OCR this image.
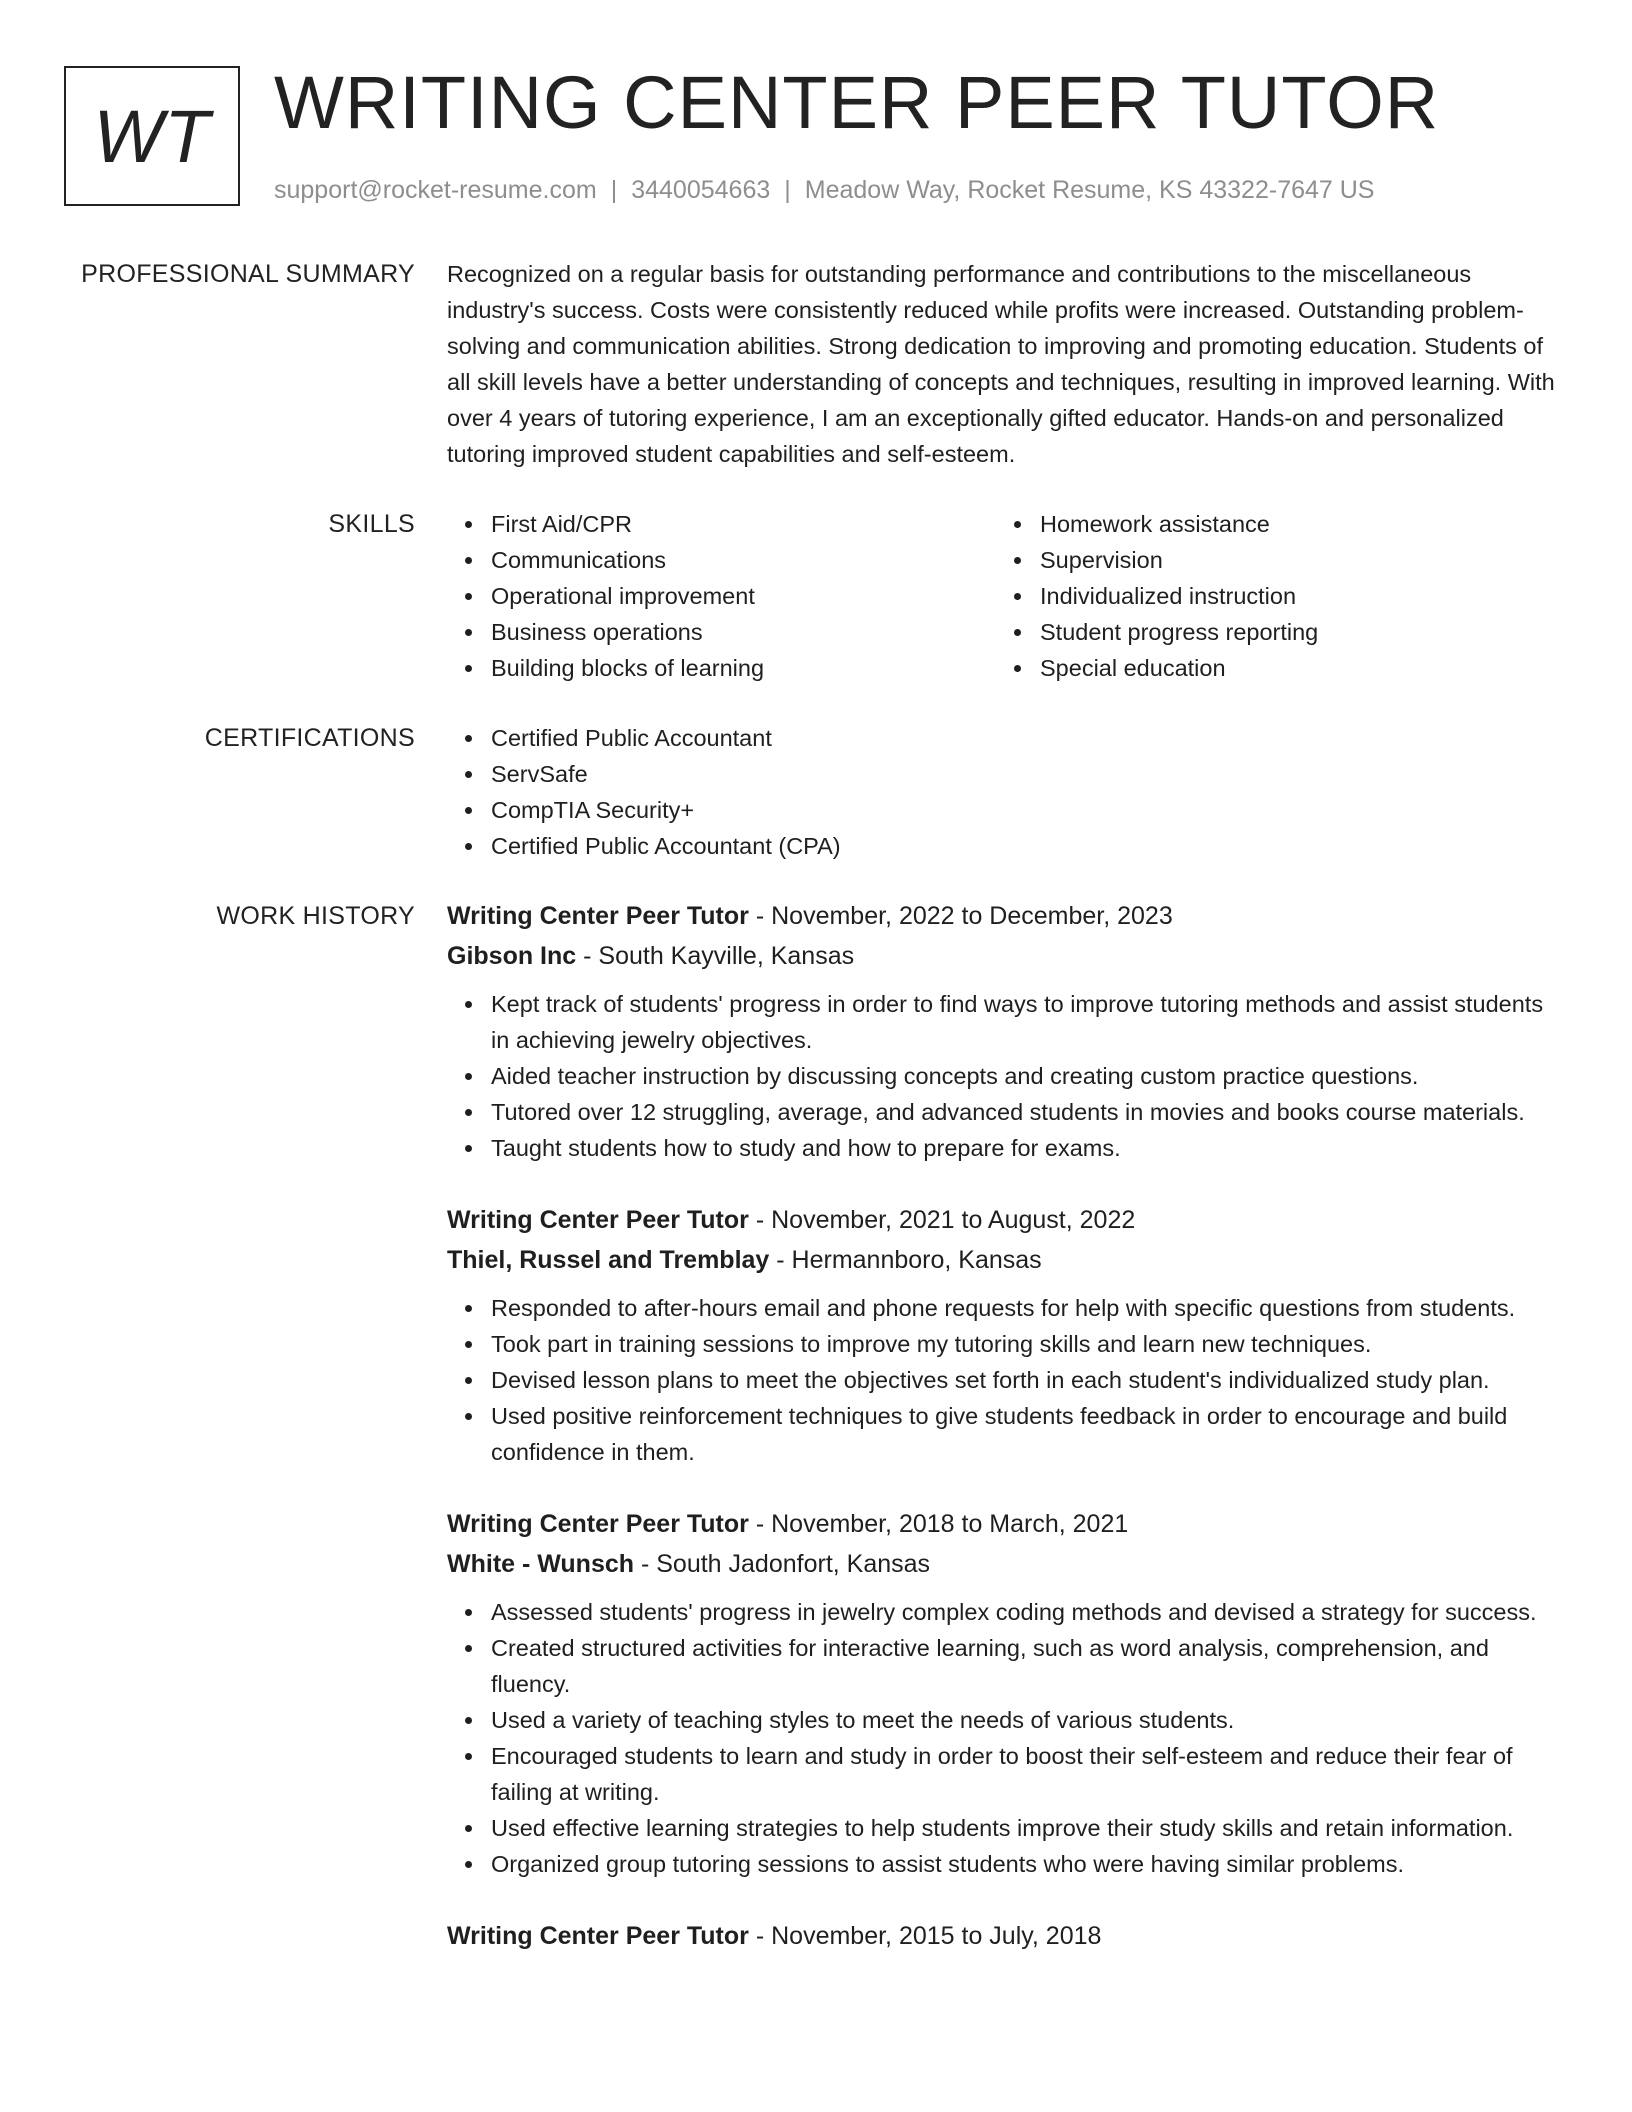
WT WRITING CENTER PEER TUTOR
support@rocket-resume.com | 3440054663 | Meadow Way, Rocket Resume, KS 43322-7647 US
PROFESSIONAL SUMMARY Recognized on a regular basis for outstanding performance and contributions to the miscellaneous industry's success. Costs were consistently reduced while profits were increased. Outstanding problem-solving and communication abilities. Strong dedication to improving and promoting education. Students of all skill levels have a better understanding of concepts and techniques, resulting in improved learning. With over 4 years of tutoring experience, I am an exceptionally gifted educator. Hands-on and personalized tutoring improved student capabilities and self-esteem.

SKILLS	First Aid/CPR
Communications
Operational improvement
Business operations
Building blocks of learning
Homework assistance
Supervision
Individualized instruction
Student progress reporting
Special education
CERTIFICATIONS	Certified Public Accountant
ServSafe
CompTIA Security+
Certified Public Accountant (CPA)
WORK HISTORY Writing Center Peer Tutor - November, 2022 to December, 2023
Gibson Inc - South Kayville, Kansas
Kept track of students' progress in order to find ways to improve tutoring methods and assist students in achieving jewelry objectives.
Aided teacher instruction by discussing concepts and creating custom practice questions.
Tutored over 12 struggling, average, and advanced students in movies and books course materials.
Taught students how to study and how to prepare for exams.
Writing Center Peer Tutor - November, 2021 to August, 2022
Thiel, Russel and Tremblay - Hermannboro, Kansas
Responded to after-hours email and phone requests for help with specific questions from students.
Took part in training sessions to improve my tutoring skills and learn new techniques.
Devised lesson plans to meet the objectives set forth in each student's individualized study plan.
Used positive reinforcement techniques to give students feedback in order to encourage and build confidence in them.
Writing Center Peer Tutor - November, 2018 to March, 2021
White - Wunsch - South Jadonfort, Kansas
Assessed students' progress in jewelry complex coding methods and devised a strategy for success.
Created structured activities for interactive learning, such as word analysis, comprehension, and fluency.
Used a variety of teaching styles to meet the needs of various students.
Encouraged students to learn and study in order to boost their self-esteem and reduce their fear of failing at writing.
Used effective learning strategies to help students improve their study skills and retain information.
Organized group tutoring sessions to assist students who were having similar problems.
Writing Center Peer Tutor - November, 2015 to July, 2018
